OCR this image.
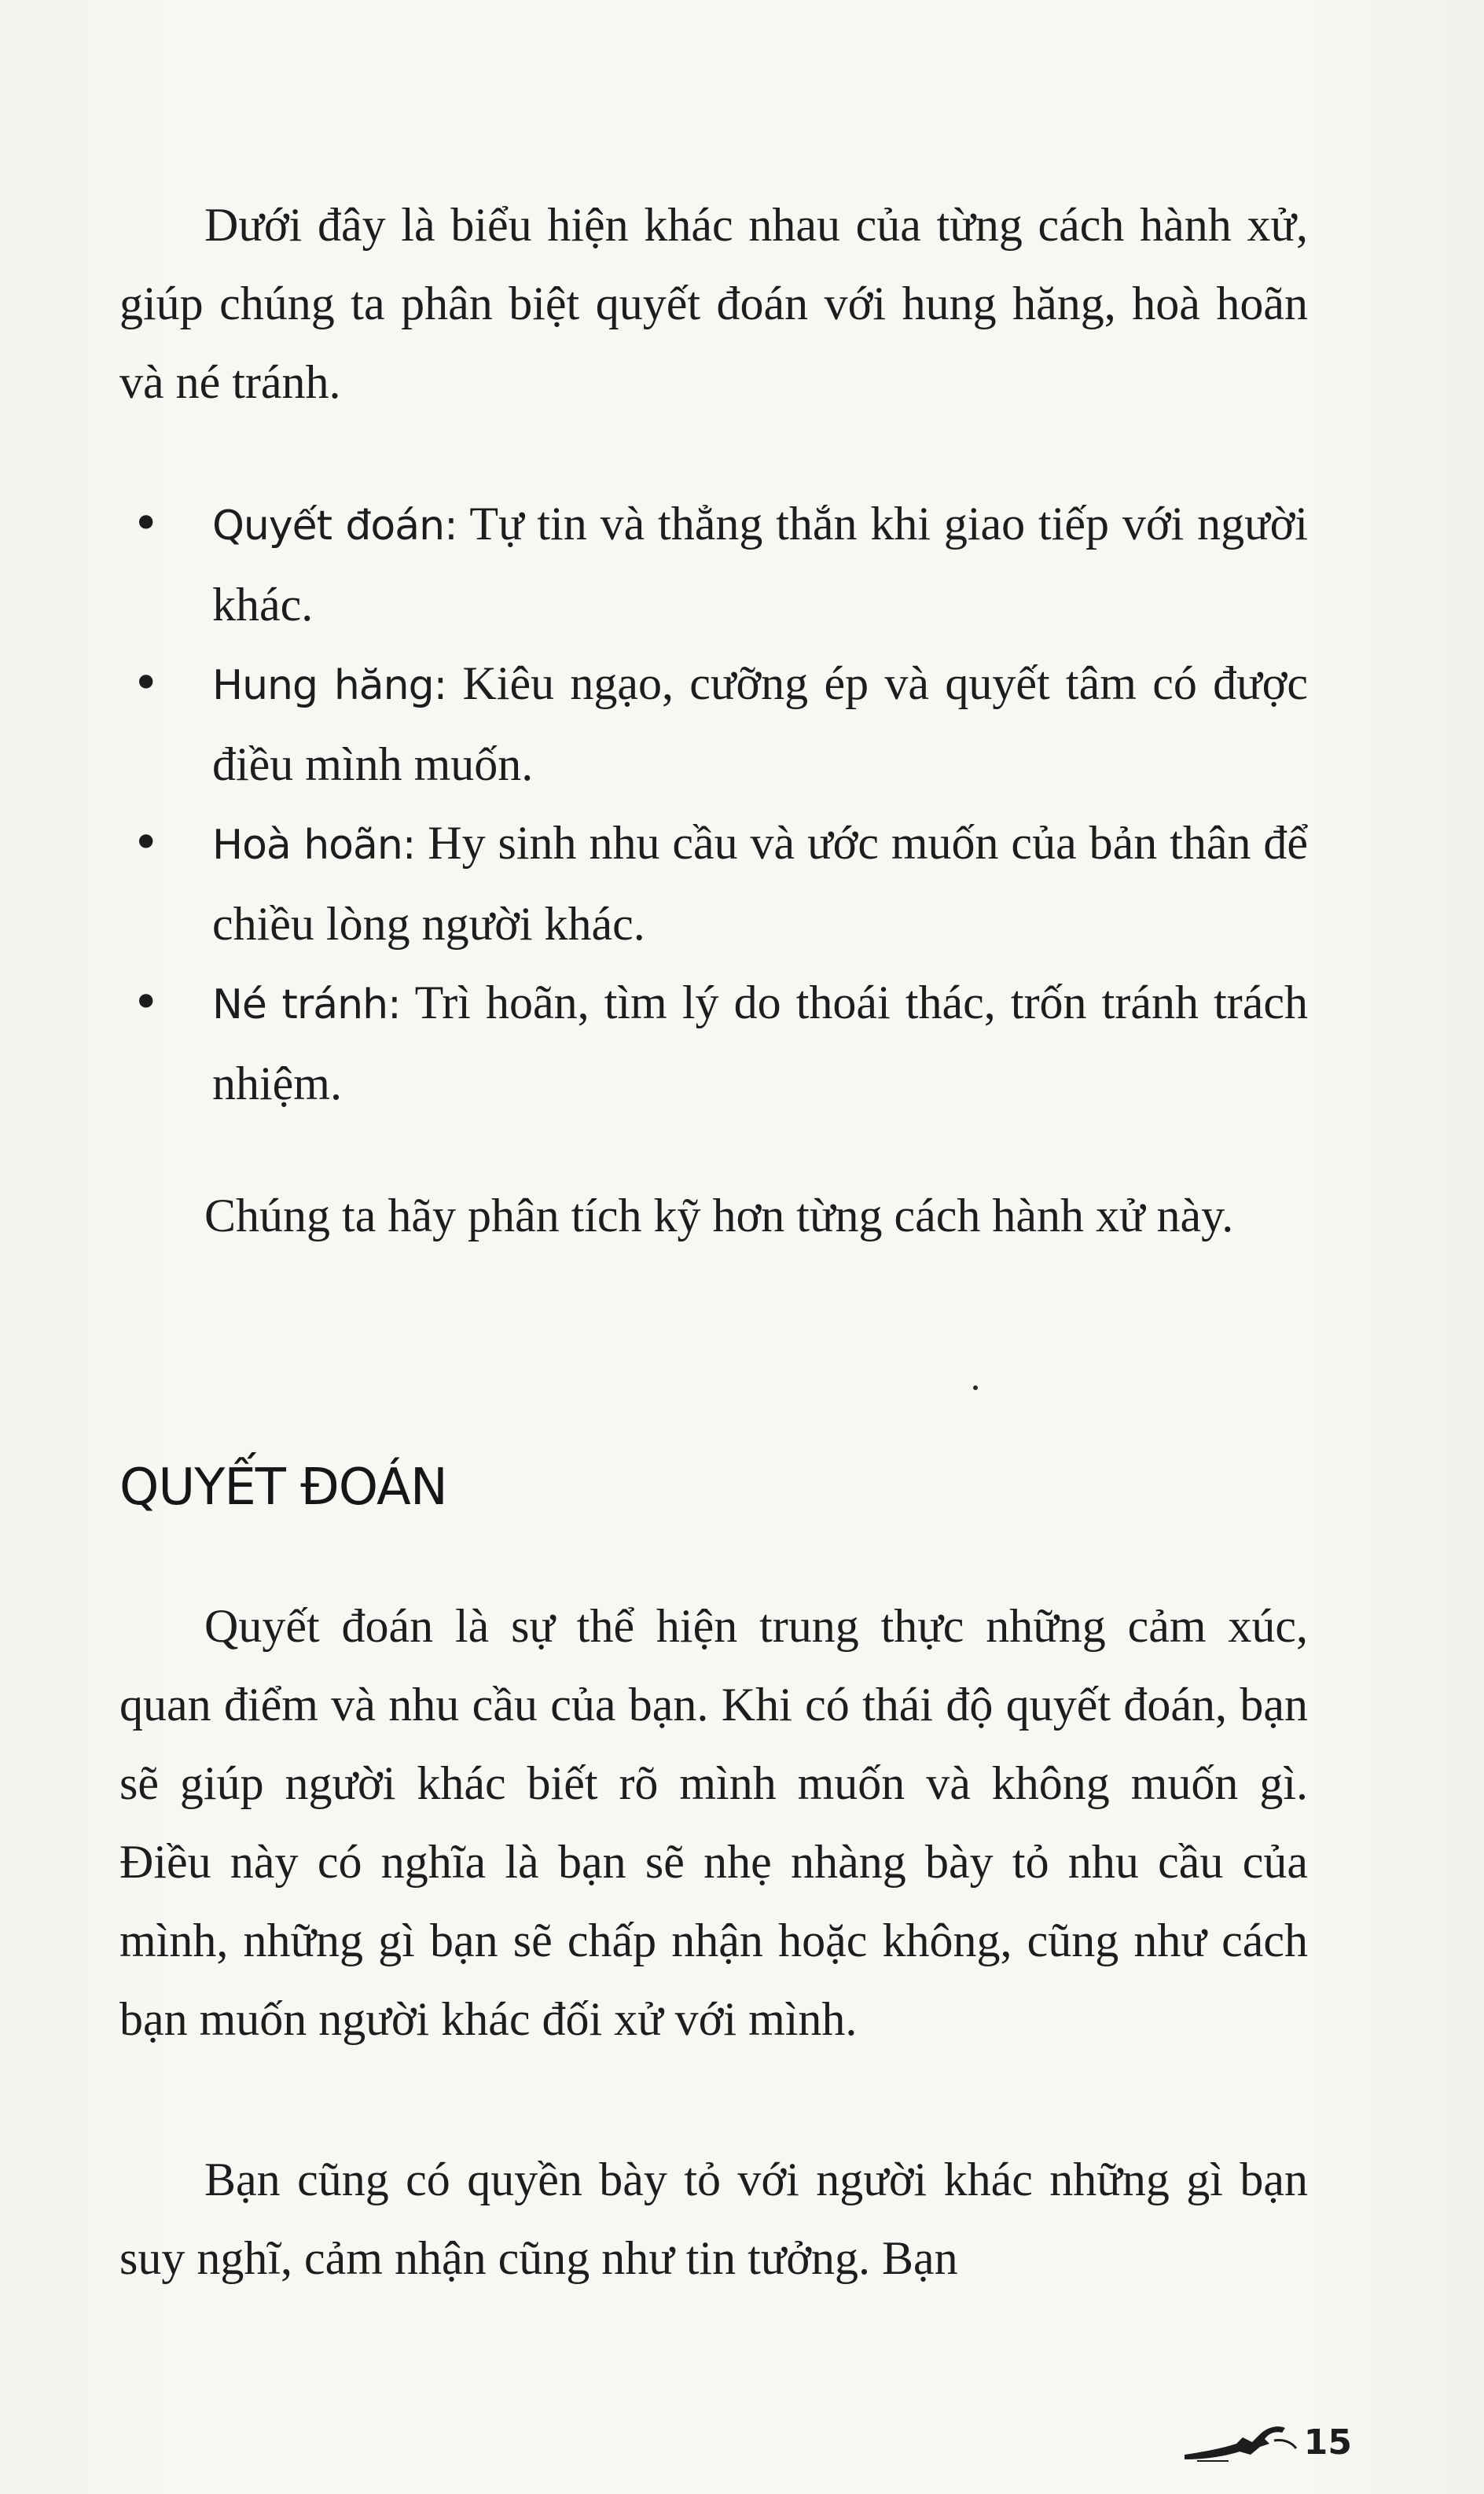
Dưới đây là biểu hiện khác nhau của từng cách hành xử, giúp chúng ta phân biệt quyết đoán với hung hăng, hoà hoãn và né tránh.

• Quyết đoán: Tự tin và thẳng thắn khi giao tiếp với người khác.
• Hung hăng: Kiêu ngạo, cưỡng ép và quyết tâm có được điều mình muốn.
• Hoà hoãn: Hy sinh nhu cầu và ước muốn của bản thân để chiều lòng người khác.
• Né tránh: Trì hoãn, tìm lý do thoái thác, trốn tránh trách nhiệm.

Chúng ta hãy phân tích kỹ hơn từng cách hành xử này.

QUYẾT ĐOÁN

Quyết đoán là sự thể hiện trung thực những cảm xúc, quan điểm và nhu cầu của bạn. Khi có thái độ quyết đoán, bạn sẽ giúp người khác biết rõ mình muốn và không muốn gì. Điều này có nghĩa là bạn sẽ nhẹ nhàng bày tỏ nhu cầu của mình, những gì bạn sẽ chấp nhận hoặc không, cũng như cách bạn muốn người khác đối xử với mình.

Bạn cũng có quyền bày tỏ với người khác những gì bạn suy nghĩ, cảm nhận cũng như tin tưởng. Bạn

15
